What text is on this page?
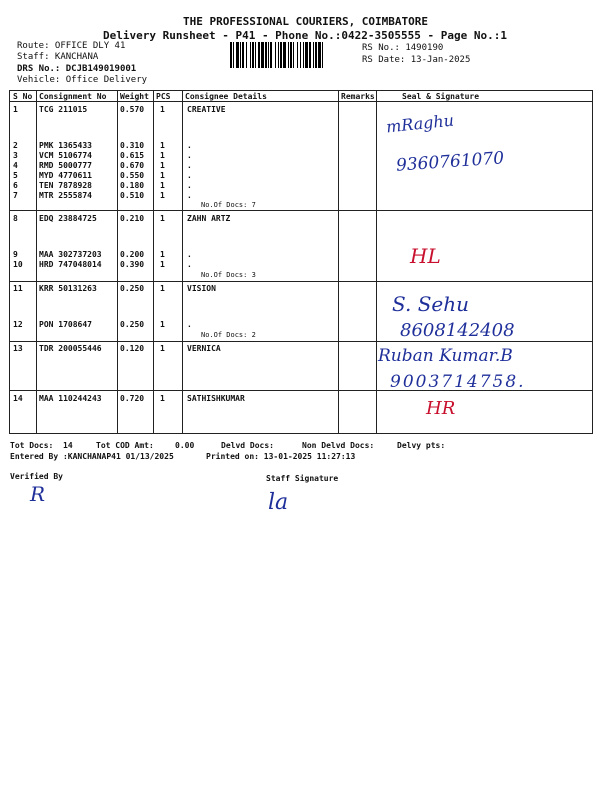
THE PROFESSIONAL COURIERS, COIMBATORE
Delivery Runsheet - P41 - Phone No.:0422-3505555 - Page No.:1
Route: OFFICE DLY 41
Staff: KANCHANA
DRS No.: DCJB149019001
Vehicle: Office Delivery
RS No.: 1490190
RS Date: 13-Jan-2025
S No Consignment No Weight PCS Consignee Details	Remarks	Seal & Signature
1	TCG 211015	0.570 1	CREATIVE
2	PMK 1365433	0.310 1	.
3	VCM 5106774	0.615 1	.
4	RMD 5000777	0.670 1	.
5	MYD 4770611	0.550 1	.
6	TEN 7878928	0.180 1	.
7	MTR 2555874	0.510 1	.
No.Of Docs: 7
8	EDQ 23884725	0.210 1	ZAHN ARTZ
9	MAA 302737203 0.200 1	.
10 HRD 747048014 0.390 1	.
No.Of Docs: 3
11 KRR 50131263	0.250 1	VISION
12 PON 1708647	0.250 1	.
No.Of Docs: 2
13 TDR 200055446 0.120 1	VERNICA
14 MAA 110244243 0.720 1	SATHISHKUMAR
mRaghu
9360761070
HL
S. Sehu
8608142408
Ruban Kumar.B
9003714758.
HR
Tot Docs: 14	Tot COD Amt:	0.00	Delvd Docs:	Non Delvd Docs:	Delvy pts:
Entered By :KANCHANAP41 01/13/2025	Printed on: 13-01-2025 11:27:13
Verified By	Staff Signature
R	la
